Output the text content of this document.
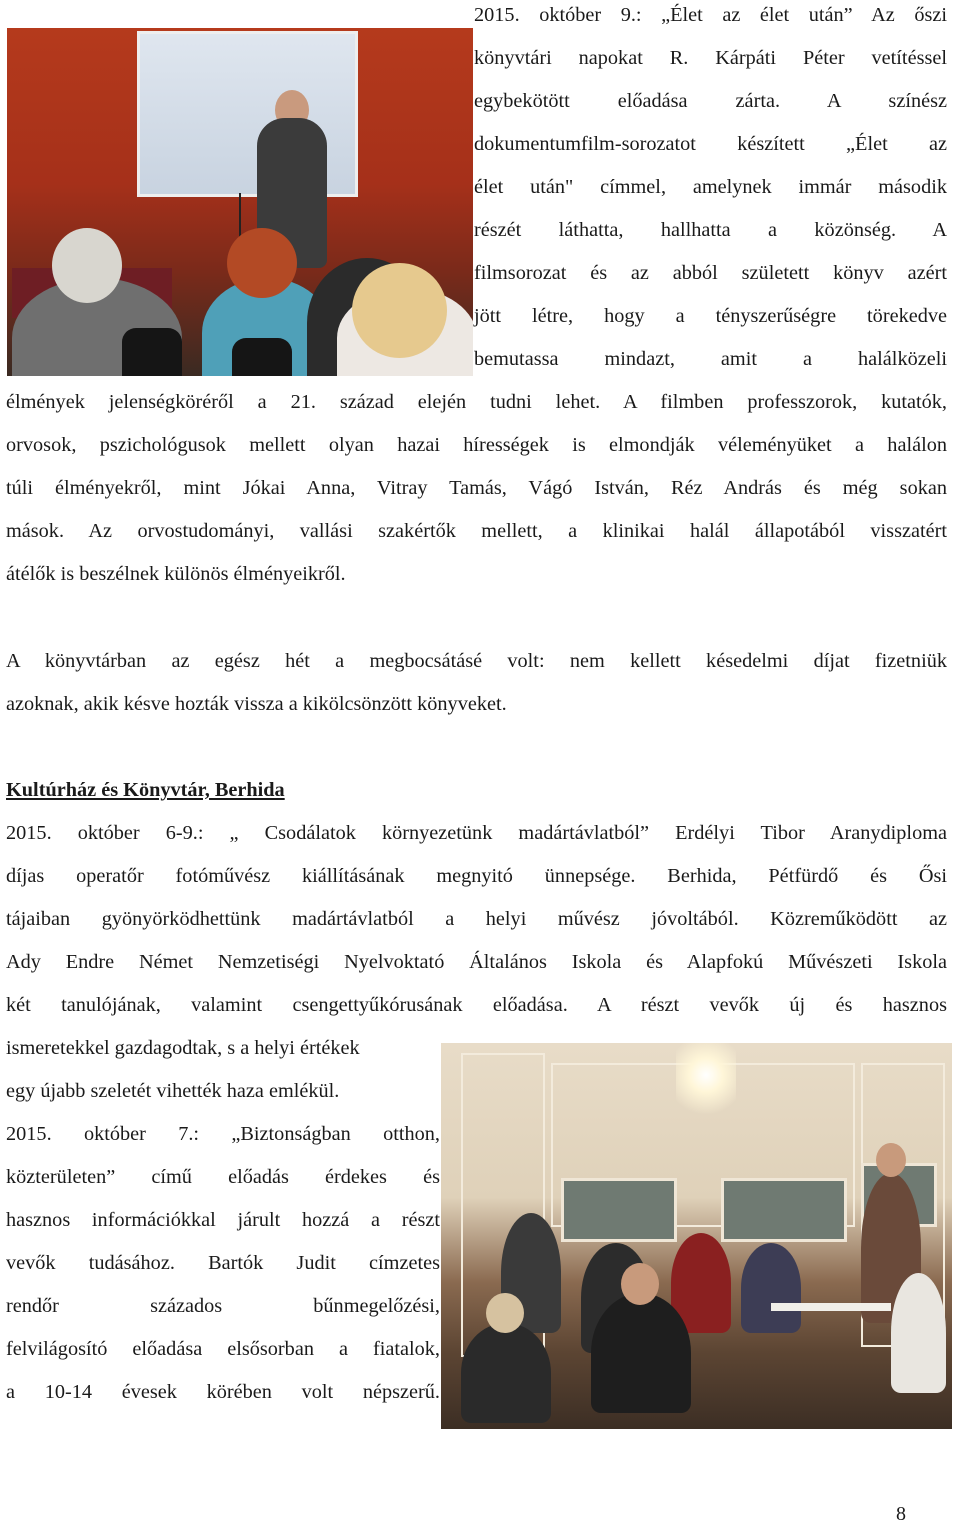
2015. október 9.: „Élet az élet után” Az őszi
könyvtári napokat R. Kárpáti Péter vetítéssel
egybekötött előadása zárta. A színész
dokumentumfilm-sorozatot készített „Élet az
élet után" címmel, amelynek immár második
részét láthatta, hallhatta a közönség. A
filmsorozat és az abból született könyv azért
jött létre, hogy a tényszerűségre törekedve
bemutassa mindazt, amit a halálközeli
élmények jelenségköréről a 21. század elején tudni lehet. A filmben professzorok, kutatók,
orvosok, pszichológusok mellett olyan hazai hírességek is elmondják véleményüket a halálon
túli élményekről, mint Jókai Anna, Vitray Tamás, Vágó István, Réz András és még sokan
mások. Az orvostudományi, vallási szakértők mellett, a klinikai halál állapotából visszatért
átélők is beszélnek különös élményeikről.
A könyvtárban az egész hét a megbocsátásé volt: nem kellett késedelmi díjat fizetniük
azoknak, akik késve hozták vissza a kikölcsönzött könyveket.
Kultúrház és Könyvtár, Berhida
2015. október 6-9.: „ Csodálatok környezetünk madártávlatból” Erdélyi Tibor Aranydiploma
díjas operatőr fotóművész kiállításának megnyitó ünnepsége. Berhida, Pétfürdő és Ősi
tájaiban gyönyörködhettünk madártávlatból a helyi művész jóvoltából. Közreműködött az
Ady Endre Német Nemzetiségi Nyelvoktató Általános Iskola és Alapfokú Művészeti Iskola
két tanulójának, valamint csengettyűkórusának előadása. A részt vevők új és hasznos
ismeretekkel gazdagodtak, s a helyi értékek
egy újabb szeletét vihették haza emlékül.
2015. október 7.: „Biztonságban otthon,
közterületen” című előadás érdekes és
hasznos információkkal járult hozzá a részt
vevők tudásához. Bartók Judit címzetes
rendőr százados bűnmegelőzési,
felvilágosító előadása elsősorban a fiatalok,
a 10-14 évesek körében volt népszerű.
8
